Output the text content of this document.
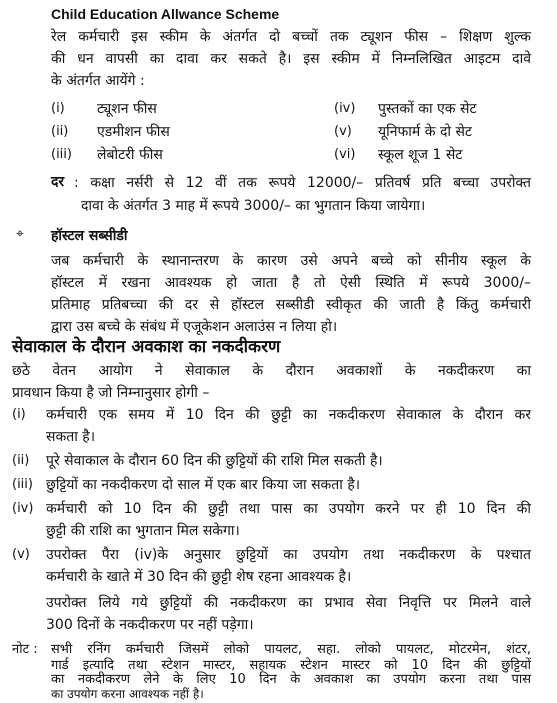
Child Education Allwance Scheme
रेल कर्मचारी इस स्कीम के अंतर्गत दो बच्चों तक ट्यूशन फीस – शिक्षण शुल्क
की धन वापसी का दावा कर सकते है। इस स्कीम में निम्नलिखित आइटम दावे
के अंतर्गत आयेंगे :
(i) ट्यूशन फीस
(ii) एडमीशन फीस
(iii) लेबोटरी फीस
(iv) पुस्तकों का एक सेट
(v) यूनिफार्म के दो सेट
(vi) स्कूल शूज 1 सेट
दर : कक्षा नर्सरी से 12 वीं तक रूपये 12000/– प्रतिवर्ष प्रति बच्चा उपरोक्त
दावा के अंतर्गत 3 माह में रूपये 3000/– का भुगतान किया जायेगा।
⌖ हॉस्टल सब्सीडी
जब कर्मचारी के स्थानान्तरण के कारण उसे अपने बच्चे को सीनीय स्कूल के
हॉस्टल में रखना आवश्यक हो जाता है तो ऐसी स्थिति में रूपये 3000/–
प्रतिमाह प्रतिबच्चा की दर से हॉस्टल सब्सीडी स्वीकृत की जाती है किंतु कर्मचारी
द्वारा उस बच्चे के संबंध में एजूकेशन अलाउंस न लिया हो।
सेवाकाल के दौरान अवकाश का नकदीकरण
छठे वेतन आयोग ने सेवाकाल के दौरान अवकाशों के नकदीकरण का
प्रावधान किया है जो निम्नानुसार होगी –
(i) कर्मचारी एक समय में 10 दिन की छुट्टी का नकदीकरण सेवाकाल के दौरान कर
सकता है।
(ii) पूरे सेवाकाल के दौरान 60 दिन की छुट्टियों की राशि मिल सकती है।
(iii) छुट्टियों का नकदीकरण दो साल में एक बार किया जा सकता है।
(iv) कर्मचारी को 10 दिन की छुट्टी तथा पास का उपयोग करने पर ही 10 दिन की
छुट्टी की राशि का भुगतान मिल सकेगा।
(v) उपरोक्त पैरा (iv)के अनुसार छुट्टियों का उपयोग तथा नकदीकरण के पश्चात
कर्मचारी के खाते में 30 दिन की छुट्टी शेष रहना आवश्यक है।
उपरोक्त लिये गये छुट्टियों की नकदीकरण का प्रभाव सेवा निवृत्ति पर मिलने वाले
300 दिनों के नकदीकरण पर नहीं पड़ेगा।
नोट : सभी रनिंग कर्मचारी जिसमें लोको पायलट, सहा. लोको पायलट, मोटरमेन, शंटर,
गार्ड इत्यादि तथा स्टेशन मास्टर, सहायक स्टेशन मास्टर को 10 दिन की छुट्टियों
का नकदीकरण लेने के लिए 10 दिन के अवकाश का उपयोग करना तथा पास
का उपयोग करना आवश्यक नहीं है।
